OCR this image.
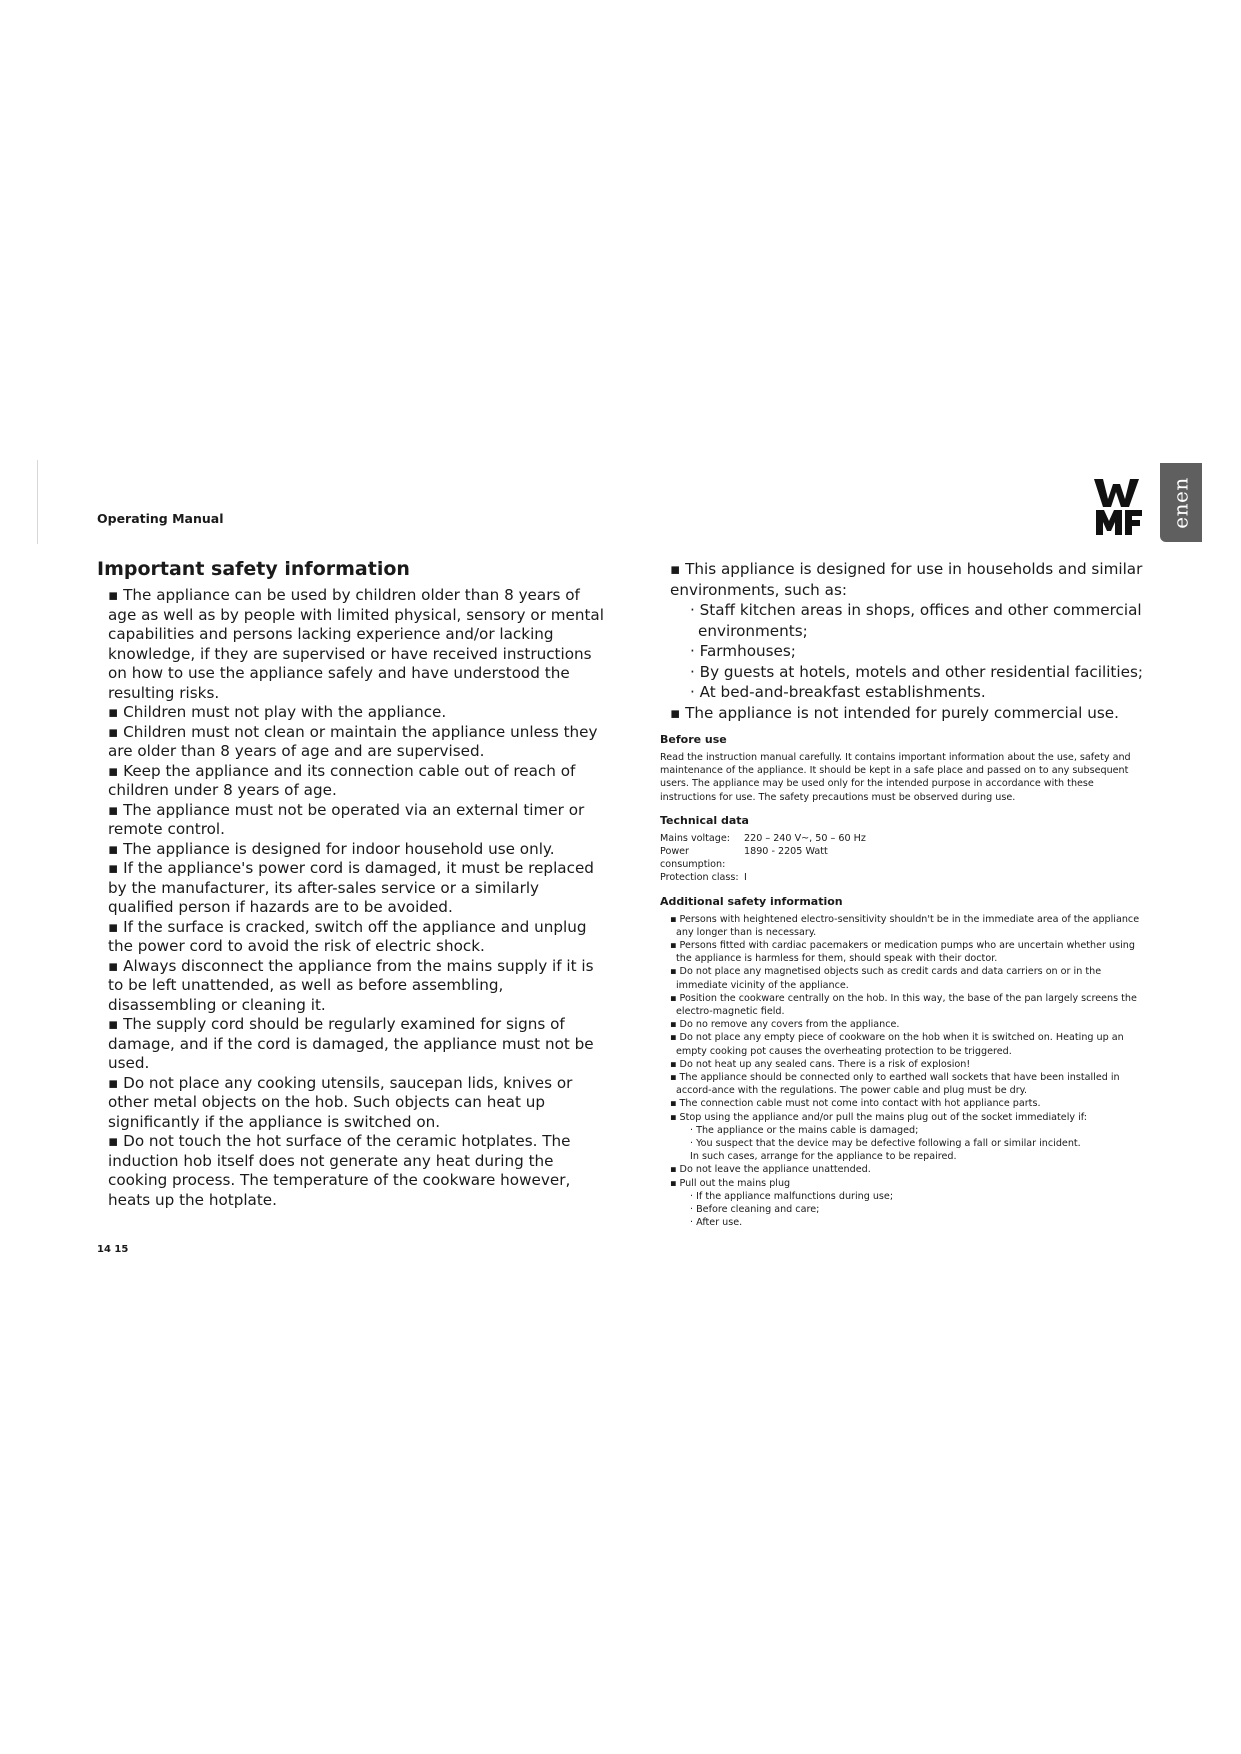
Operating Manual	enen
Important safety information

▪ The appliance can be used by children older than 8 years of age as well as by people with limited physical, sensory or mental capabilities and persons lacking experience and/or lacking knowledge, if they are supervised or have received instructions on how to use the appliance safely and have understood the resulting risks.

▪ Children must not play with the appliance.

▪ Children must not clean or maintain the appliance unless they are older than 8 years of age and are supervised.

▪ Keep the appliance and its connection cable out of reach of children under 8 years of age.

▪ The appliance must not be operated via an external timer or remote control.

▪ The appliance is designed for indoor household use only.

▪ If the appliance's power cord is damaged, it must be replaced by the manufacturer, its after-sales service or a similarly qualified person if hazards are to be avoided.

▪ If the surface is cracked, switch off the appliance and unplug the power cord to avoid the risk of electric shock.

▪ Always disconnect the appliance from the mains supply if it is to be left unattended, as well as before assembling, disassembling or cleaning it.

▪ The supply cord should be regularly examined for signs of damage, and if the cord is damaged, the appliance must not be used.

▪ Do not place any cooking utensils, saucepan lids, knives or other metal objects on the hob. Such objects can heat up significantly if the appliance is switched on.

▪ Do not touch the hot surface of the ceramic hotplates. The induction hob itself does not generate any heat during the cooking process. The temperature of the cookware however, heats up the hotplate.

▪ This appliance is designed for use in households and similar environments, such as:

· Staff kitchen areas in shops, offices and other commercial environments;

· Farmhouses;

· By guests at hotels, motels and other residential facilities;

· At bed-and-breakfast establishments.

▪ The appliance is not intended for purely commercial use.

Before use

Read the instruction manual carefully. It contains important information about the use, safety and maintenance of the appliance. It should be kept in a safe place and passed on to any subsequent users. The appliance may be used only for the intended purpose in accordance with these instructions for use. The safety precautions must be observed during use.

Technical data
Mains voltage:	220 – 240 V~, 50 – 60 Hz
Power consumption:
1890 - 2205 Watt
Protection class: I
Additional safety information

▪ Persons with heightened electro-sensitivity shouldn't be in the immediate area of the appliance any longer than is necessary.

▪ Persons fitted with cardiac pacemakers or medication pumps who are uncertain whether using the appliance is harmless for them, should speak with their doctor.

▪ Do not place any magnetised objects such as credit cards and data carriers on or in the immediate vicinity of the appliance.

▪ Position the cookware centrally on the hob. In this way, the base of the pan largely screens the electro-magnetic field.

▪ Do no remove any covers from the appliance.

▪ Do not place any empty piece of cookware on the hob when it is switched on. Heating up an empty cooking pot causes the overheating protection to be triggered.

▪ Do not heat up any sealed cans. There is a risk of explosion!

▪ The appliance should be connected only to earthed wall sockets that have been installed in accord-ance with the regulations. The power cable and plug must be dry.

▪ The connection cable must not come into contact with hot appliance parts.

▪ Stop using the appliance and/or pull the mains plug out of the socket immediately if:

· The appliance or the mains cable is damaged;

· You suspect that the device may be defective following a fall or similar incident.

In such cases, arrange for the appliance to be repaired.

▪ Do not leave the appliance unattended.

▪ Pull out the mains plug

· If the appliance malfunctions during use;

· Before cleaning and care;

· After use.

14 15
